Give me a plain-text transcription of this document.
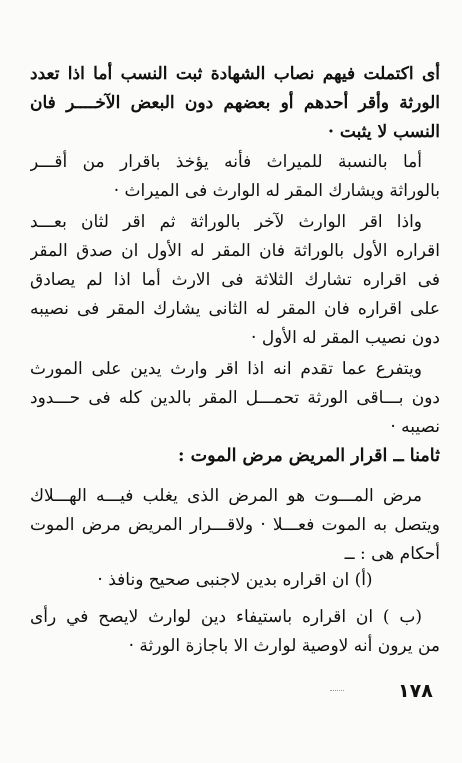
أى اكتملت فيهم نصاب الشهادة ثبت النسب أما اذا تعدد
الورثة وأقر أحدهم أو بعضهم دون البعض الآخــــر فان
النسب لا يثبت ·
أما بالنسبة للميراث فأنه يؤخذ باقرار من أقـــر
بالوراثة ويشارك المقر له الوارث فى الميراث ·
واذا اقر الوارث لآخر بالوراثة ثم اقر لثان بعـــد
اقراره الأول بالوراثة فان المقر له الأول ان صدق المقر
فى اقراره تشارك الثلاثة فى الارث أما اذا لم يصادق
على اقراره فان المقر له الثانى يشارك المقر فى نصيبه
دون نصيب المقر له الأول ·
ويتفرع عما تقدم انه اذا اقر وارث يدين على المورث
دون بـــاقى الورثة تحمـــل المقر بالدين كله فى حـــدود
نصيبه ·
ثامنا ــ اقرار المريض مرض الموت :
مرض المـــوت هو المرض الذى يغلب فيـــه الهـــلاك
ويتصل به الموت فعـــلا · ولاقـــرار المريض مرض الموت
أحكام هى : ــ
(أ) ان اقراره بدين لاجنبى صحيح ونافذ ·
(ب ) ان اقراره باستيفاء دين لوارث لايصح في رأى
من يرون أنه لاوصية لوارث الا باجازة الورثة ·
١٧٨
